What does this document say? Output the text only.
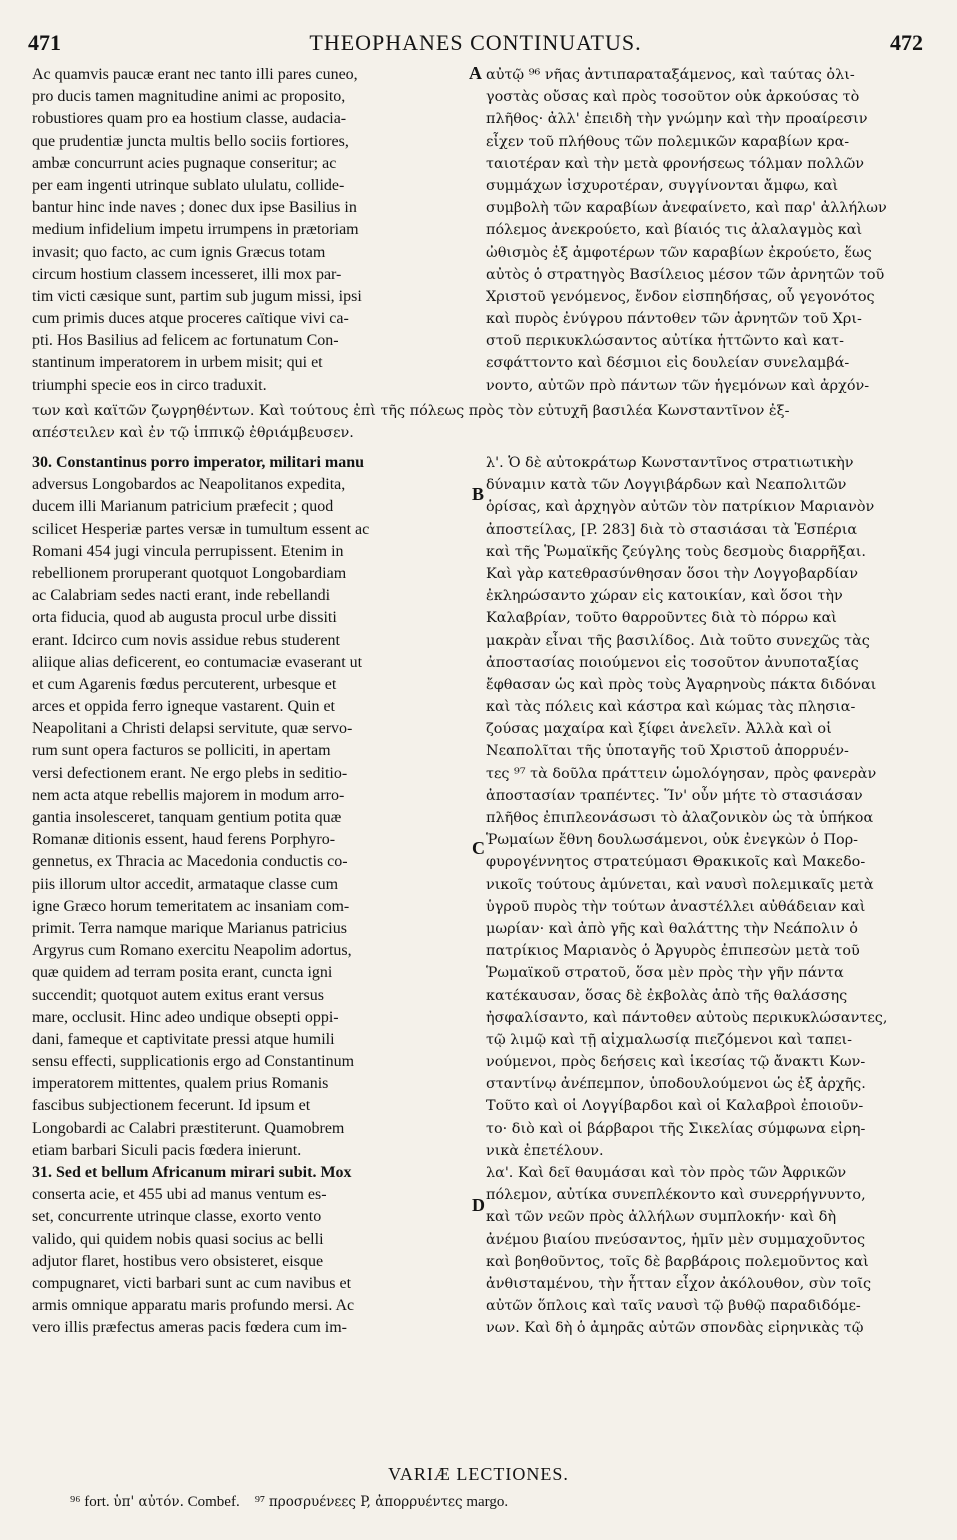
471	THEOPHANES CONTINUATUS.	472
Ac quamvis paucæ erant nec tanto illi pares cuneo,
pro ducis tamen magnitudine animi ac proposito,
robustiores quam pro ea hostium classe, audacia-
que prudentiæ juncta multis bello sociis fortiores,
ambæ concurrunt acies pugnaque conseritur; ac
per eam ingenti utrinque sublato ululatu, collide-
bantur hinc inde naves ; donec dux ipse Basilius in
medium infidelium impetu irrumpens in prætoriam
invasit; quo facto, ac cum ignis Græcus totam
circum hostium classem incesseret, illi mox par-
tim victi cæsique sunt, partim sub jugum missi, ipsi
cum primis duces atque proceres caïtique vivi ca-
pti. Hos Basilius ad felicem ac fortunatum Con-
stantinum imperatorem in urbem misit; qui et
triumphi specie eos in circo traduxit.
A αὐτῷ ⁹⁶ νῆας ἀντιπαραταξάμενος, καὶ ταύτας ὀλι-
γοστὰς οὔσας καὶ πρὸς τοσοῦτον οὐκ ἀρκούσας τὸ
πλῆθος· ἀλλ' ἐπειδὴ τὴν γνώμην καὶ τὴν προαίρεσιν
εἶχεν τοῦ πλήθους τῶν πολεμικῶν καραβίων κρα-
ταιοτέραν καὶ τὴν μετὰ φρονήσεως τόλμαν πολλῶν
συμμάχων ἰσχυροτέραν, συγγίνονται ἄμφω, καὶ
συμβολὴ τῶν καραβίων ἀνεφαίνετο, καὶ παρ' ἀλλήλων
πόλεμος ἀνεκρούετο, καὶ βίαιός τις ἀλαλαγμὸς καὶ
ὠθισμὸς ἐξ ἀμφοτέρων τῶν καραβίων ἐκρούετο, ἕως
αὐτὸς ὁ στρατηγὸς Βασίλειος μέσον τῶν ἀρνητῶν τοῦ
Χριστοῦ γενόμενος, ἔνδον εἰσπηδήσας, οὗ γεγονότος
καὶ πυρὸς ἐνύγρου πάντοθεν τῶν ἀρνητῶν τοῦ Χρι-
στοῦ περικυκλώσαντος αὐτίκα ἡττῶντο καὶ κατ-
εσφάττοντο καὶ δέσμιοι εἰς δουλείαν συνελαμβά-
νοντο, αὐτῶν πρὸ πάντων τῶν ἡγεμόνων καὶ ἀρχόν-
των καὶ καϊτῶν ζωγρηθέντων. Καὶ τούτους ἐπὶ τῆς πόλεως πρὸς τὸν εὐτυχῆ βασιλέα Κωνσταντῖνον ἐξ-
απέστειλεν καὶ ἐν τῷ ἱππικῷ ἐθριάμβευσεν.
30. Constantinus porro imperator, militari manu
adversus Longobardos ac Neapolitanos expedita,
ducem illi Marianum patricium præfecit ; quod
scilicet Hesperiæ partes versæ in tumultum essent ac
Romani 454 jugi vincula perrupissent. Etenim in
rebellionem proruperant quotquot Longobardiam
ac Calabriam sedes nacti erant, inde rebellandi
orta fiducia, quod ab augusta procul urbe dissiti
erant. Idcirco cum novis assidue rebus studerent
aliique alias deficerent, eo contumaciæ evaserant ut
et cum Agarenis fœdus percuterent, urbesque et
arces et oppida ferro igneque vastarent. Quin et
Neapolitani a Christi delapsi servitute, quæ servo-
rum sunt opera facturos se polliciti, in apertam
versi defectionem erant. Ne ergo plebs in seditio-
nem acta atque rebellis majorem in modum arro-
gantia insolesceret, tanquam gentium potita quæ
Romanæ ditionis essent, haud ferens Porphyro-
gennetus, ex Thracia ac Macedonia conductis co-
piis illorum ultor accedit, armataque classe cum
igne Græco horum temeritatem ac insaniam com-
primit. Terra namque marique Marianus patricius
Argyrus cum Romano exercitu Neapolim adortus,
quæ quidem ad terram posita erant, cuncta igni
succendit; quotquot autem exitus erant versus
mare, occlusit. Hinc adeo undique obsepti oppi-
dani, fameque et captivitate pressi atque humili
sensu effecti, supplicationis ergo ad Constantinum
imperatorem mittentes, qualem prius Romanis
fascibus subjectionem fecerunt. Id ipsum et
Longobardi ac Calabri præstiterunt. Quamobrem
etiam barbari Siculi pacis fœdera inierunt.
31. Sed et bellum Africanum mirari subit. Mox
conserta acie, et 455 ubi ad manus ventum es-
set, concurrente utrinque classe, exorto vento
valido, qui quidem nobis quasi socius ac belli
adjutor flaret, hostibus vero obsisteret, eisque
compugnaret, victi barbari sunt ac cum navibus et
armis omnique apparatu maris profundo mersi. Ac
vero illis præfectus ameras pacis fœdera cum im-
B
C
D
λ'. Ὁ δὲ αὐτοκράτωρ Κωνσταντῖνος στρατιωτικὴν
δύναμιν κατὰ τῶν Λογγιβάρδων καὶ Νεαπολιτῶν
ὁρίσας, καὶ ἀρχηγὸν αὐτῶν τὸν πατρίκιον Μαριανὸν
ἀποστείλας, [P. 283] διὰ τὸ στασιάσαι τὰ Ἑσπέρια
καὶ τῆς Ῥωμαϊκῆς ζεύγλης τοὺς δεσμοὺς διαρρῆξαι.
Καὶ γὰρ κατεθρασύνθησαν ὅσοι τὴν Λογγοβαρδίαν
ἐκληρώσαντο χώραν εἰς κατοικίαν, καὶ ὅσοι τὴν
Καλαβρίαν, τοῦτο θαρροῦντες διὰ τὸ πόρρω καὶ
μακρὰν εἶναι τῆς βασιλίδος. Διὰ τοῦτο συνεχῶς τὰς
ἀποστασίας ποιούμενοι εἰς τοσοῦτον ἀνυποταξίας
ἔφθασαν ὡς καὶ πρὸς τοὺς Ἀγαρηνοὺς πάκτα διδόναι
καὶ τὰς πόλεις καὶ κάστρα καὶ κώμας τὰς πλησια-
ζούσας μαχαίρα καὶ ξίφει ἀνελεῖν. Ἀλλὰ καὶ οἱ
Νεαπολῖται τῆς ὑποταγῆς τοῦ Χριστοῦ ἀπορρυέν-
τες ⁹⁷ τὰ δοῦλα πράττειν ὡμολόγησαν, πρὸς φανερὰν
ἀποστασίαν τραπέντες. Ἵν' οὖν μήτε τὸ στασιάσαν
πλῆθος ἐπιπλεονάσωσι τὸ ἀλαζονικὸν ὡς τὰ ὑπήκοα
Ῥωμαίων ἔθνη δουλωσάμενοι, οὐκ ἐνεγκὼν ὁ Πορ-
φυρογέννητος στρατεύμασι Θρακικοῖς καὶ Μακεδο-
νικοῖς τούτους ἀμύνεται, καὶ ναυσὶ πολεμικαῖς μετὰ
ὑγροῦ πυρὸς τὴν τούτων ἀναστέλλει αὐθάδειαν καὶ
μωρίαν· καὶ ἀπὸ γῆς καὶ θαλάττης τὴν Νεάπολιν ὁ
πατρίκιος Μαριανὸς ὁ Ἀργυρὸς ἐπιπεσὼν μετὰ τοῦ
Ῥωμαϊκοῦ στρατοῦ, ὅσα μὲν πρὸς τὴν γῆν πάντα
κατέκαυσαν, ὅσας δὲ ἐκβολὰς ἀπὸ τῆς θαλάσσης
ἠσφαλίσαντο, καὶ πάντοθεν αὐτοὺς περικυκλώσαντες,
τῷ λιμῷ καὶ τῇ αἰχμαλωσίᾳ πιεζόμενοι καὶ ταπει-
νούμενοι, πρὸς δεήσεις καὶ ἱκεσίας τῷ ἄνακτι Κων-
σταντίνῳ ἀνέπεμπον, ὑποδουλούμενοι ὡς ἐξ ἀρχῆς.
Τοῦτο καὶ οἱ Λογγίβαρδοι καὶ οἱ Καλαβροὶ ἐποιοῦν-
το· διὸ καὶ οἱ βάρβαροι τῆς Σικελίας σύμφωνα εἰρη-
νικὰ ἐπετέλουν.
λα'. Καὶ δεῖ θαυμάσαι καὶ τὸν πρὸς τῶν Ἀφρικῶν
πόλεμον, αὐτίκα συνεπλέκοντο καὶ συνερρήγνυντο,
καὶ τῶν νεῶν πρὸς ἀλλήλων συμπλοκήν· καὶ δὴ
ἀνέμου βιαίου πνεύσαντος, ἡμῖν μὲν συμμαχοῦντος
καὶ βοηθοῦντος, τοῖς δὲ βαρβάροις πολεμοῦντος καὶ
ἀνθισταμένου, τὴν ἧτταν εἶχον ἀκόλουθον, σὺν τοῖς
αὐτῶν ὅπλοις καὶ ταῖς ναυσὶ τῷ βυθῷ παραδιδόμε-
νων. Καὶ δὴ ὁ ἀμηρᾶς αὐτῶν σπονδὰς εἰρηνικὰς τῷ
VARIÆ LECTIONES.
⁹⁶ fort. ὑπ' αὐτόν. Combef. ⁹⁷ προσρυένεες P, ἀπορρυέντες margo.
